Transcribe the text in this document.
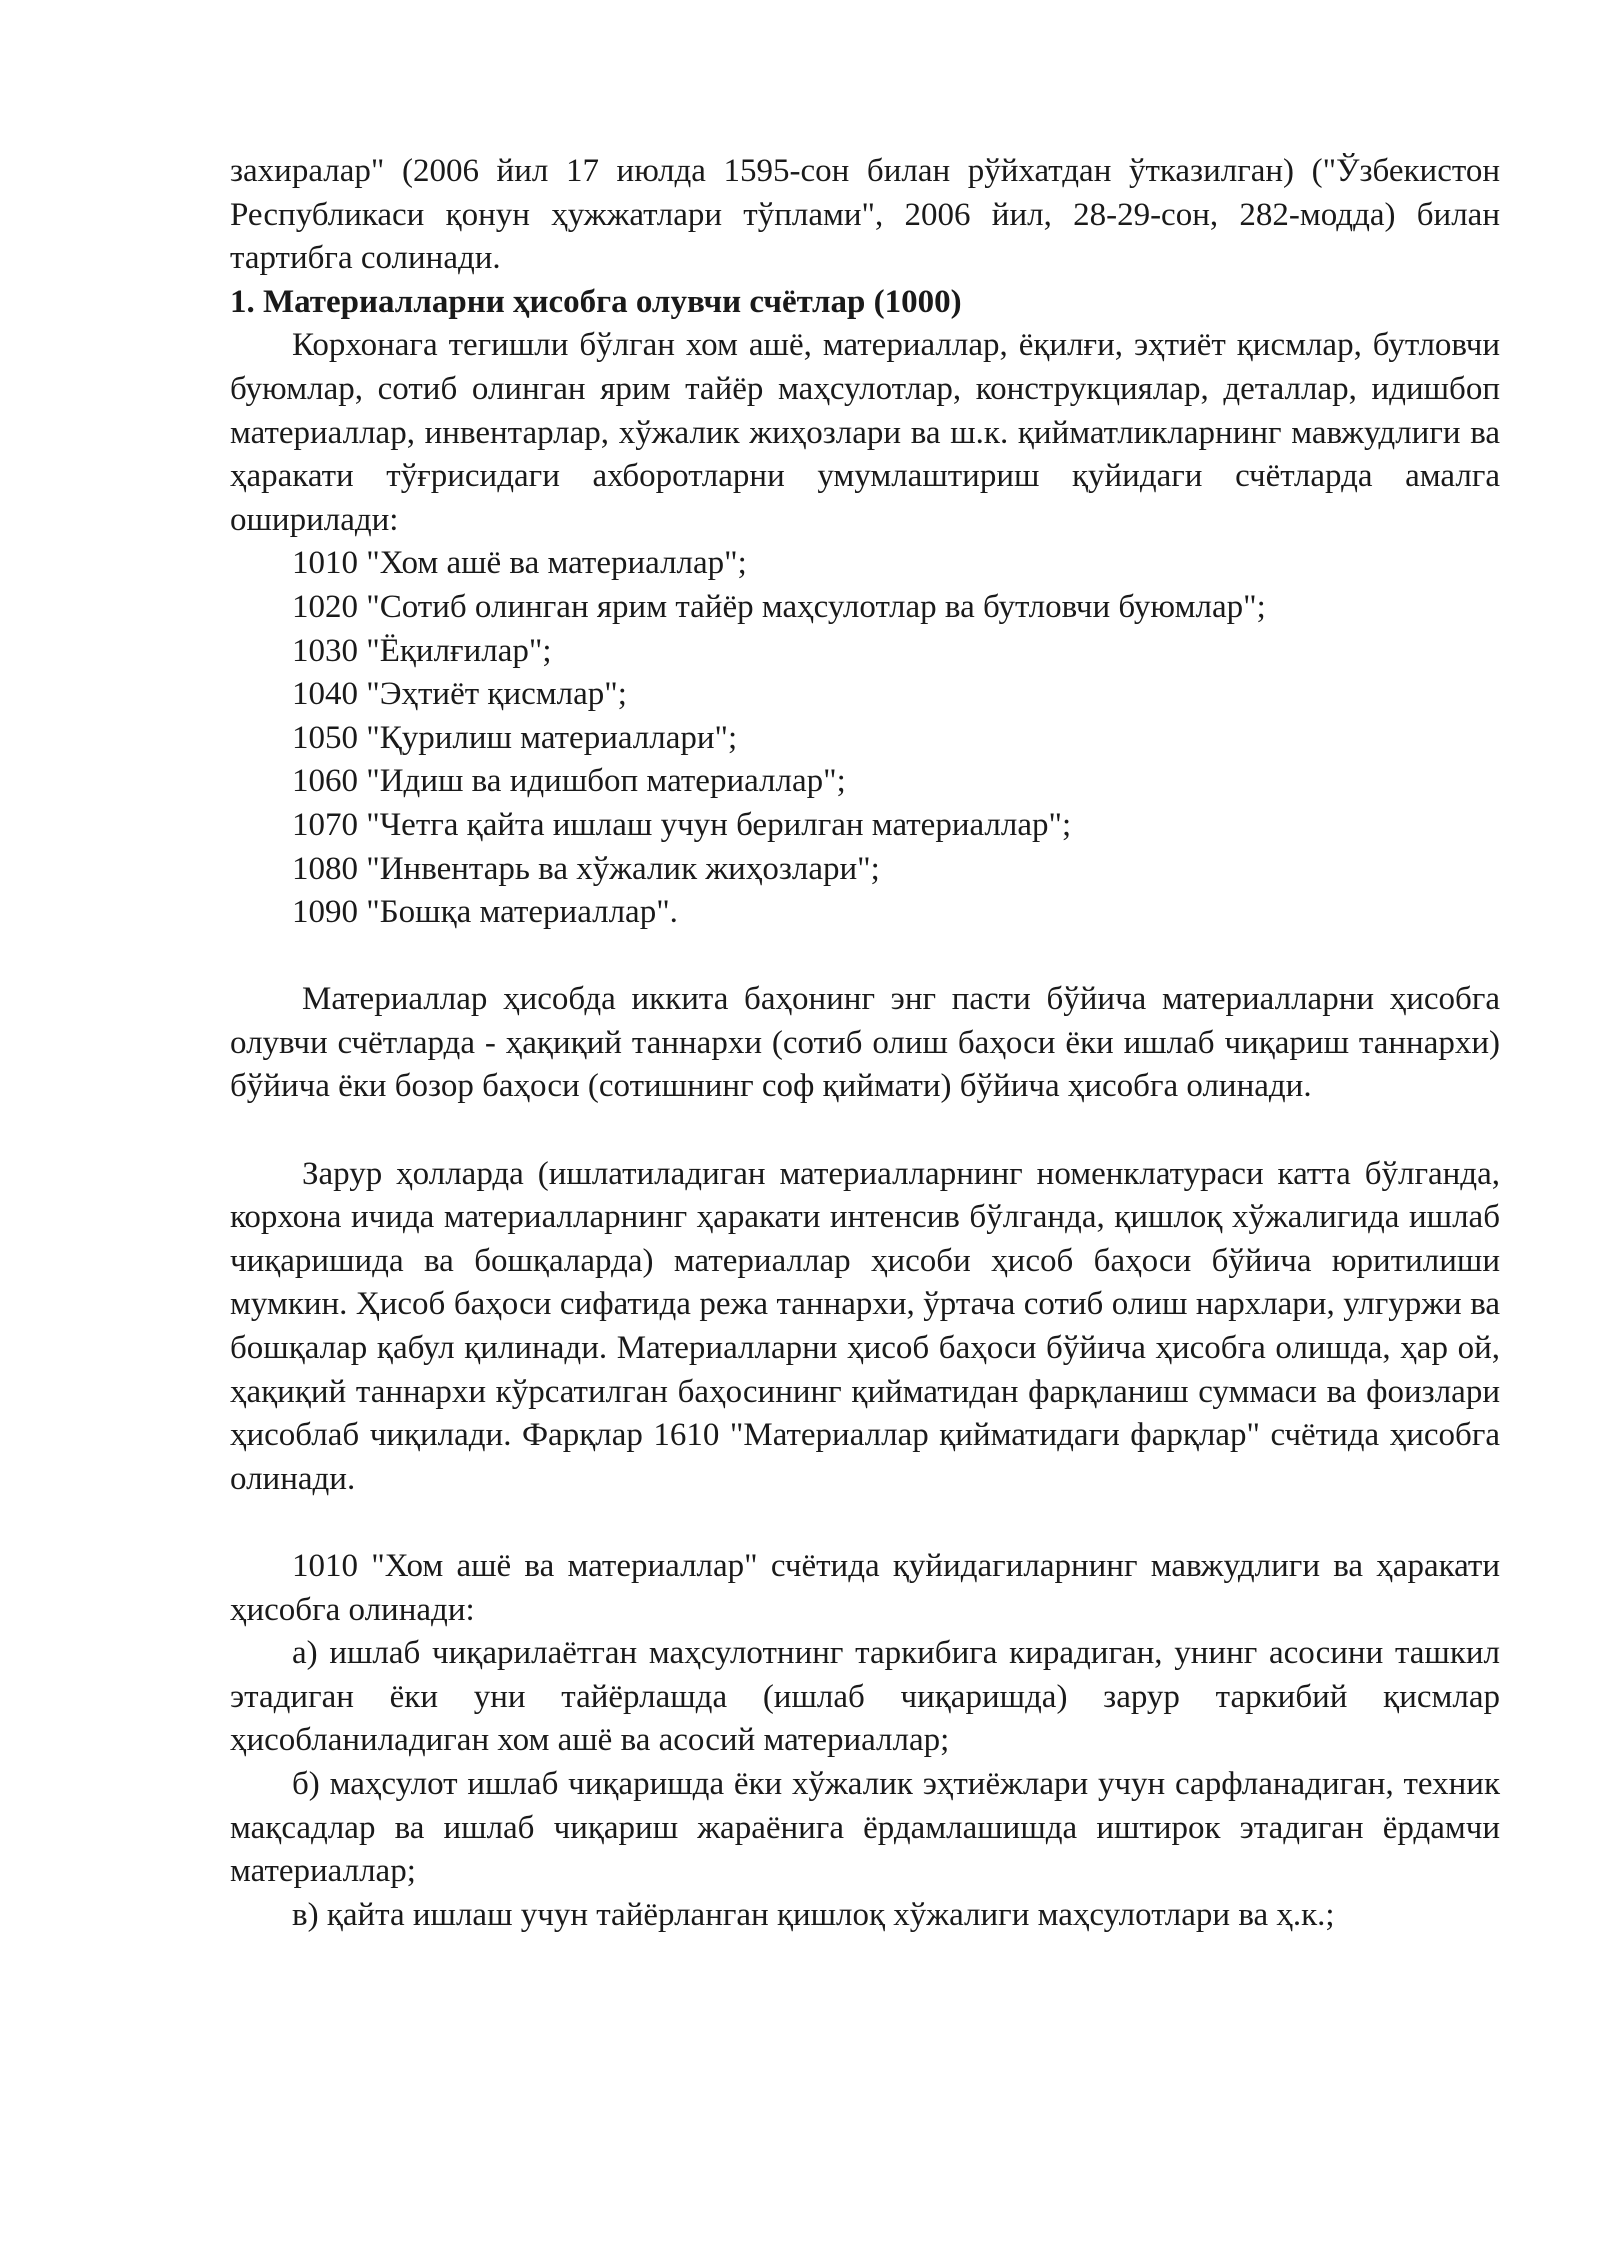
захиралар" (2006 йил 17 июлда 1595-сон билан рўйхатдан ўтказилган) ("Ўзбекистон Республикаси қонун ҳужжатлари тўплами", 2006 йил, 28-29-сон, 282-модда) билан тартибга солинади.

1. Материалларни ҳисобга олувчи счётлар (1000)

Корхонага тегишли бўлган хом ашё, материаллар, ёқилғи, эҳтиёт қисмлар, бутловчи буюмлар, сотиб олинган ярим тайёр маҳсулотлар, конструкциялар, деталлар, идишбоп материаллар, инвентарлар, хўжалик жиҳозлари ва ш.к. қийматликларнинг мавжудлиги ва ҳаракати тўғрисидаги ахборотларни умумлаштириш қуйидаги счётларда амалга оширилади:

1010 "Хом ашё ва материаллар";

1020 "Сотиб олинган ярим тайёр маҳсулотлар ва бутловчи буюмлар";

1030 "Ёқилғилар";

1040 "Эҳтиёт қисмлар";

1050 "Қурилиш материаллари";

1060 "Идиш ва идишбоп материаллар";

1070 "Четга қайта ишлаш учун берилган материаллар";

1080 "Инвентарь ва хўжалик жиҳозлари";

1090 "Бошқа материаллар".

Материаллар ҳисобда иккита баҳонинг энг пасти бўйича материалларни ҳисобга олувчи счётларда - ҳақиқий таннархи (сотиб олиш баҳоси ёки ишлаб чиқариш таннархи) бўйича ёки бозор баҳоси (сотишнинг соф қиймати) бўйича ҳисобга олинади.

Зарур ҳолларда (ишлатиладиган материалларнинг номенклатураси катта бўлганда, корхона ичида материалларнинг ҳаракати интенсив бўлганда, қишлоқ хўжалигида ишлаб чиқаришида ва бошқаларда) материаллар ҳисоби ҳисоб баҳоси бўйича юритилиши мумкин. Ҳисоб баҳоси сифатида режа таннархи, ўртача сотиб олиш нархлари, улгуржи ва бошқалар қабул қилинади. Материалларни ҳисоб баҳоси бўйича ҳисобга олишда, ҳар ой, ҳақиқий таннархи кўрсатилган баҳосининг қийматидан фарқланиш суммаси ва фоизлари ҳисоблаб чиқилади. Фарқлар 1610 "Материаллар қийматидаги фарқлар" счётида ҳисобга олинади.

1010 "Хом ашё ва материаллар" счётида қуйидагиларнинг мавжудлиги ва ҳаракати ҳисобга олинади:

а) ишлаб чиқарилаётган маҳсулотнинг таркибига кирадиган, унинг асосини ташкил этадиган ёки уни тайёрлашда (ишлаб чиқаришда) зарур таркибий қисмлар ҳисобланиладиган хом ашё ва асосий материаллар;

б) маҳсулот ишлаб чиқаришда ёки хўжалик эҳтиёжлари учун сарфланадиган, техник мақсадлар ва ишлаб чиқариш жараёнига ёрдамлашишда иштирок этадиган ёрдамчи материаллар;

в) қайта ишлаш учун тайёрланган қишлоқ хўжалиги маҳсулотлари ва ҳ.к.;
